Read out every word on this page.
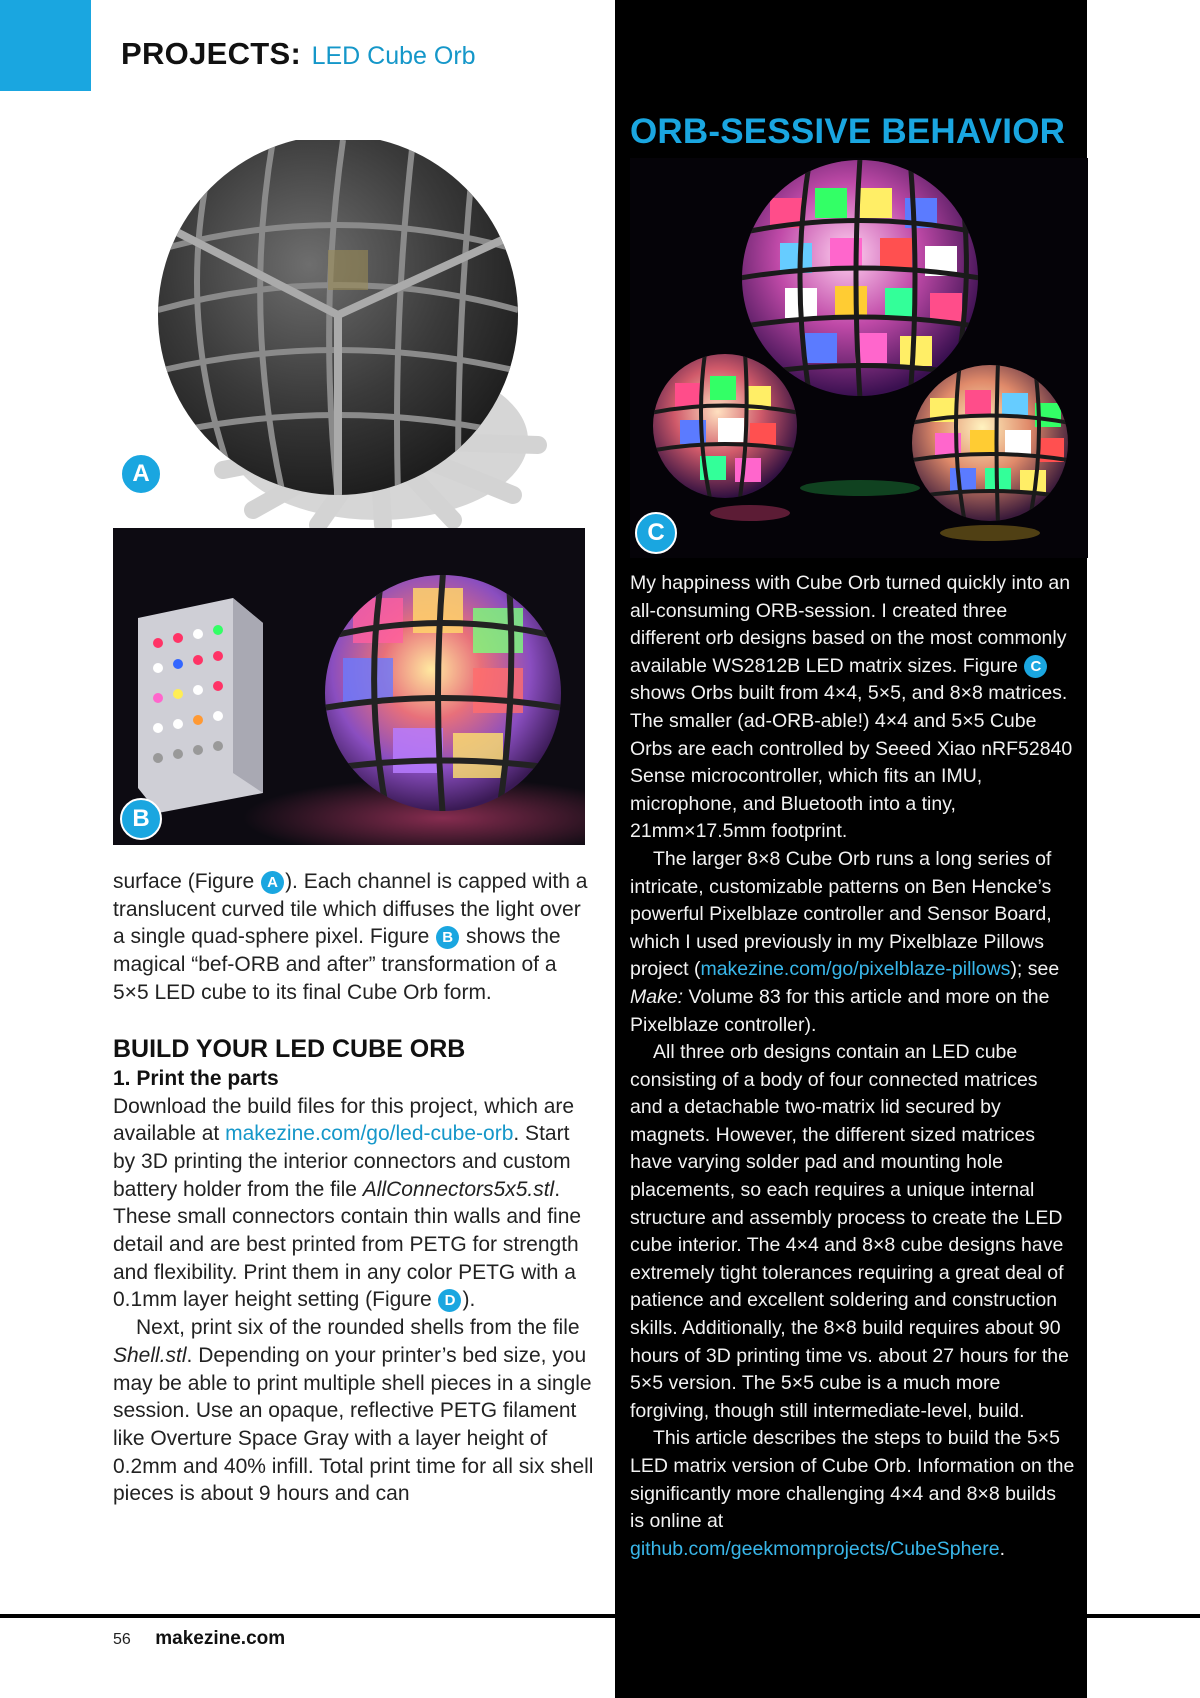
PROJECTS: LED Cube Orb
A
B

surface (Figure A ). Each channel is capped with a translucent curved tile which diffuses the light over a single quad-sphere pixel. Figure B shows the magical “bef-ORB and after” transformation of a 5×5 LED cube to its final Cube Orb form.

BUILD YOUR LED CUBE ORB
1. Print the parts

Download the build files for this project, which are available at makezine.com/go/led-cube-orb. Start by 3D printing the interior connectors and custom battery holder from the file AllConnectors5x5.stl. These small connectors contain thin walls and fine detail and are best printed from PETG for strength and flexibility. Print them in any color PETG with a 0.1mm layer height setting (Figure D ).

Next, print six of the rounded shells from the file Shell.stl. Depending on your printer’s bed size, you may be able to print multiple shell pieces in a single session. Use an opaque, reflective PETG filament like Overture Space Gray with a layer height of 0.2mm and 40% infill. Total print time for all six shell pieces is about 9 hours and can

ORB-SESSIVE BEHAVIOR
C

My happiness with Cube Orb turned quickly into an all-consuming ORB-session. I created three different orb designs based on the most commonly available WS2812B LED matrix sizes. Figure C shows Orbs built from 4×4, 5×5, and 8×8 matrices. The smaller (ad-ORB-able!) 4×4 and 5×5 Cube Orbs are each controlled by Seeed Xiao nRF52840 Sense microcontroller, which fits an IMU, microphone, and Bluetooth into a tiny, 21mm×17.5mm footprint.

The larger 8×8 Cube Orb runs a long series of intricate, customizable patterns on Ben Hencke’s powerful Pixelblaze controller and Sensor Board, which I used previously in my Pixelblaze Pillows project (makezine.com/go/pixelblaze-pillows); see Make: Volume 83 for this article and more on the Pixelblaze controller).

All three orb designs contain an LED cube consisting of a body of four connected matrices and a detachable two-matrix lid secured by magnets. However, the different sized matrices have varying solder pad and mounting hole placements, so each requires a unique internal structure and assembly process to create the LED cube interior. The 4×4 and 8×8 cube designs have extremely tight tolerances requiring a great deal of patience and excellent soldering and construction skills. Additionally, the 8×8 build requires about 90 hours of 3D printing time vs. about 27 hours for the 5×5 version. The 5×5 cube is a much more forgiving, though still intermediate-level, build.

This article describes the steps to build the 5×5 LED matrix version of Cube Orb. Information on the significantly more challenging 4×4 and 8×8 builds is online at github.com/geekmomprojects/CubeSphere.

56 makezine.com
